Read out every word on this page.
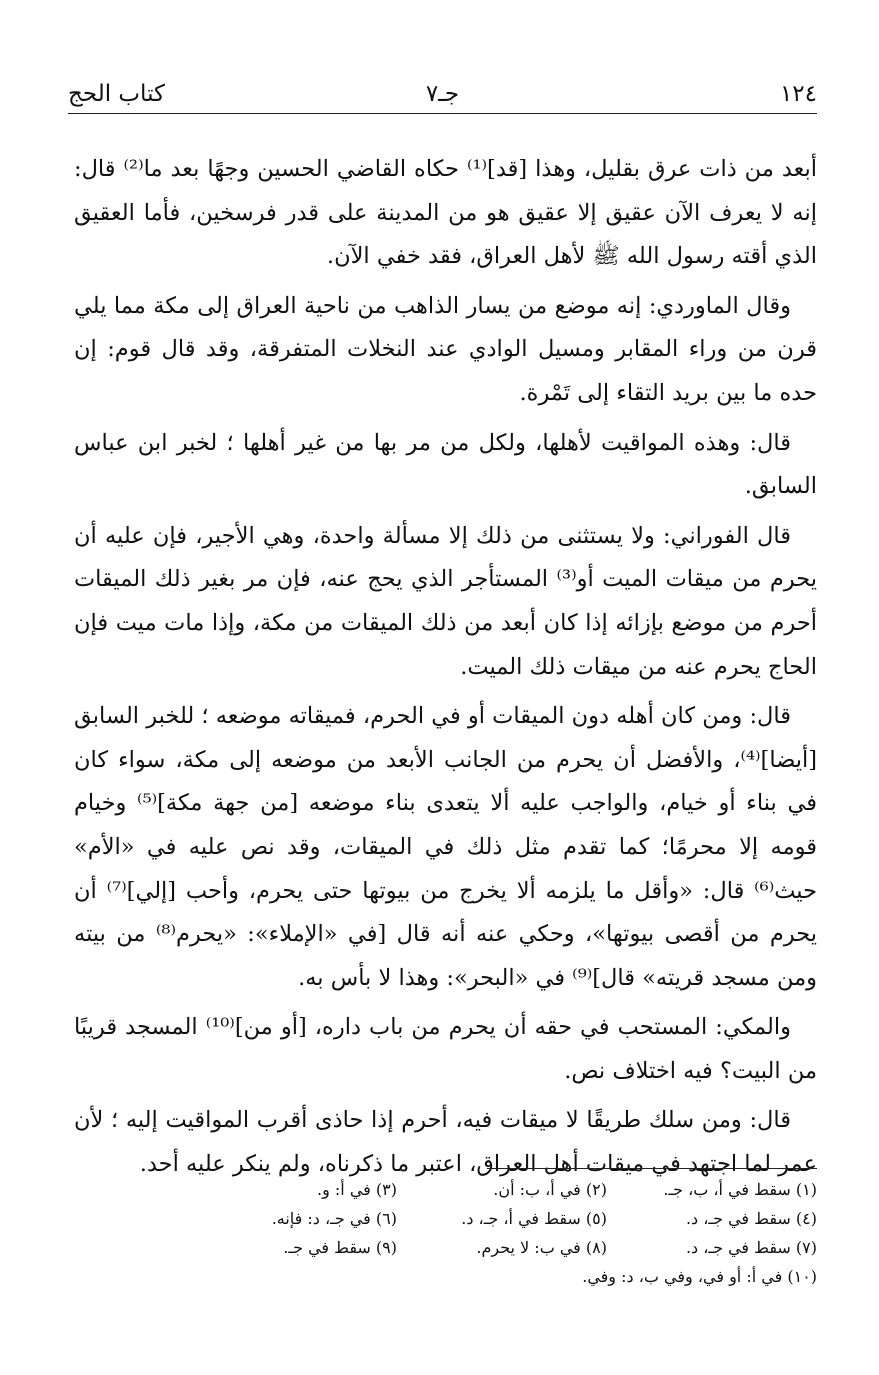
١٢٤
جـ٧
كتاب الحج

أبعد من ذات عرق بقليل، وهذا [قد]⁽¹⁾ حكاه القاضي الحسين وجهًا بعد ما⁽²⁾ قال: إنه لا يعرف الآن عقيق إلا عقيق هو من المدينة على قدر فرسخين، فأما العقيق الذي أقته رسول الله ﷺ لأهل العراق، فقد خفي الآن.

وقال الماوردي: إنه موضع من يسار الذاهب من ناحية العراق إلى مكة مما يلي قرن من وراء المقابر ومسيل الوادي عند النخلات المتفرقة، وقد قال قوم: إن حده ما بين بريد التقاء إلى تَمْرة.

قال: وهذه المواقيت لأهلها، ولكل من مر بها من غير أهلها ؛ لخبر ابن عباس السابق.

قال الفوراني: ولا يستثنى من ذلك إلا مسألة واحدة، وهي الأجير، فإن عليه أن يحرم من ميقات الميت أو⁽³⁾ المستأجر الذي يحج عنه، فإن مر بغير ذلك الميقات أحرم من موضع بإزائه إذا كان أبعد من ذلك الميقات من مكة، وإذا مات ميت فإن الحاج يحرم عنه من ميقات ذلك الميت.

قال: ومن كان أهله دون الميقات أو في الحرم، فميقاته موضعه ؛ للخبر السابق [أيضا]⁽⁴⁾، والأفضل أن يحرم من الجانب الأبعد من موضعه إلى مكة، سواء كان في بناء أو خيام، والواجب عليه ألا يتعدى بناء موضعه [من جهة مكة]⁽⁵⁾ وخيام قومه إلا محرمًا؛ كما تقدم مثل ذلك في الميقات، وقد نص عليه في «الأم» حيث⁽⁶⁾ قال: «وأقل ما يلزمه ألا يخرج من بيوتها حتى يحرم، وأحب [إلي]⁽⁷⁾ أن يحرم من أقصى بيوتها»، وحكي عنه أنه قال [في «الإملاء»: «يحرم⁽⁸⁾ من بيته ومن مسجد قريته» قال]⁽⁹⁾ في «البحر»: وهذا لا بأس به.

والمكي: المستحب في حقه أن يحرم من باب داره، [أو من]⁽¹⁰⁾ المسجد قريبًا من البيت؟ فيه اختلاف نص.

قال: ومن سلك طريقًا لا ميقات فيه، أحرم إذا حاذى أقرب المواقيت إليه ؛ لأن عمر لما اجتهد في ميقات أهل العراق، اعتبر ما ذكرناه، ولم ينكر عليه أحد.

(١) سقط في أ، ب، جـ.
(٢) في أ، ب: أن.
(٣) في أ: و.
(٤) سقط في جـ، د.
(٥) سقط في أ، جـ، د.
(٦) في جـ، د: فإنه.
(٧) سقط في جـ، د.
(٨) في ب: لا يحرم.
(٩) سقط في جـ.
(١٠) في أ: أو في، وفي ب، د: وفي.
